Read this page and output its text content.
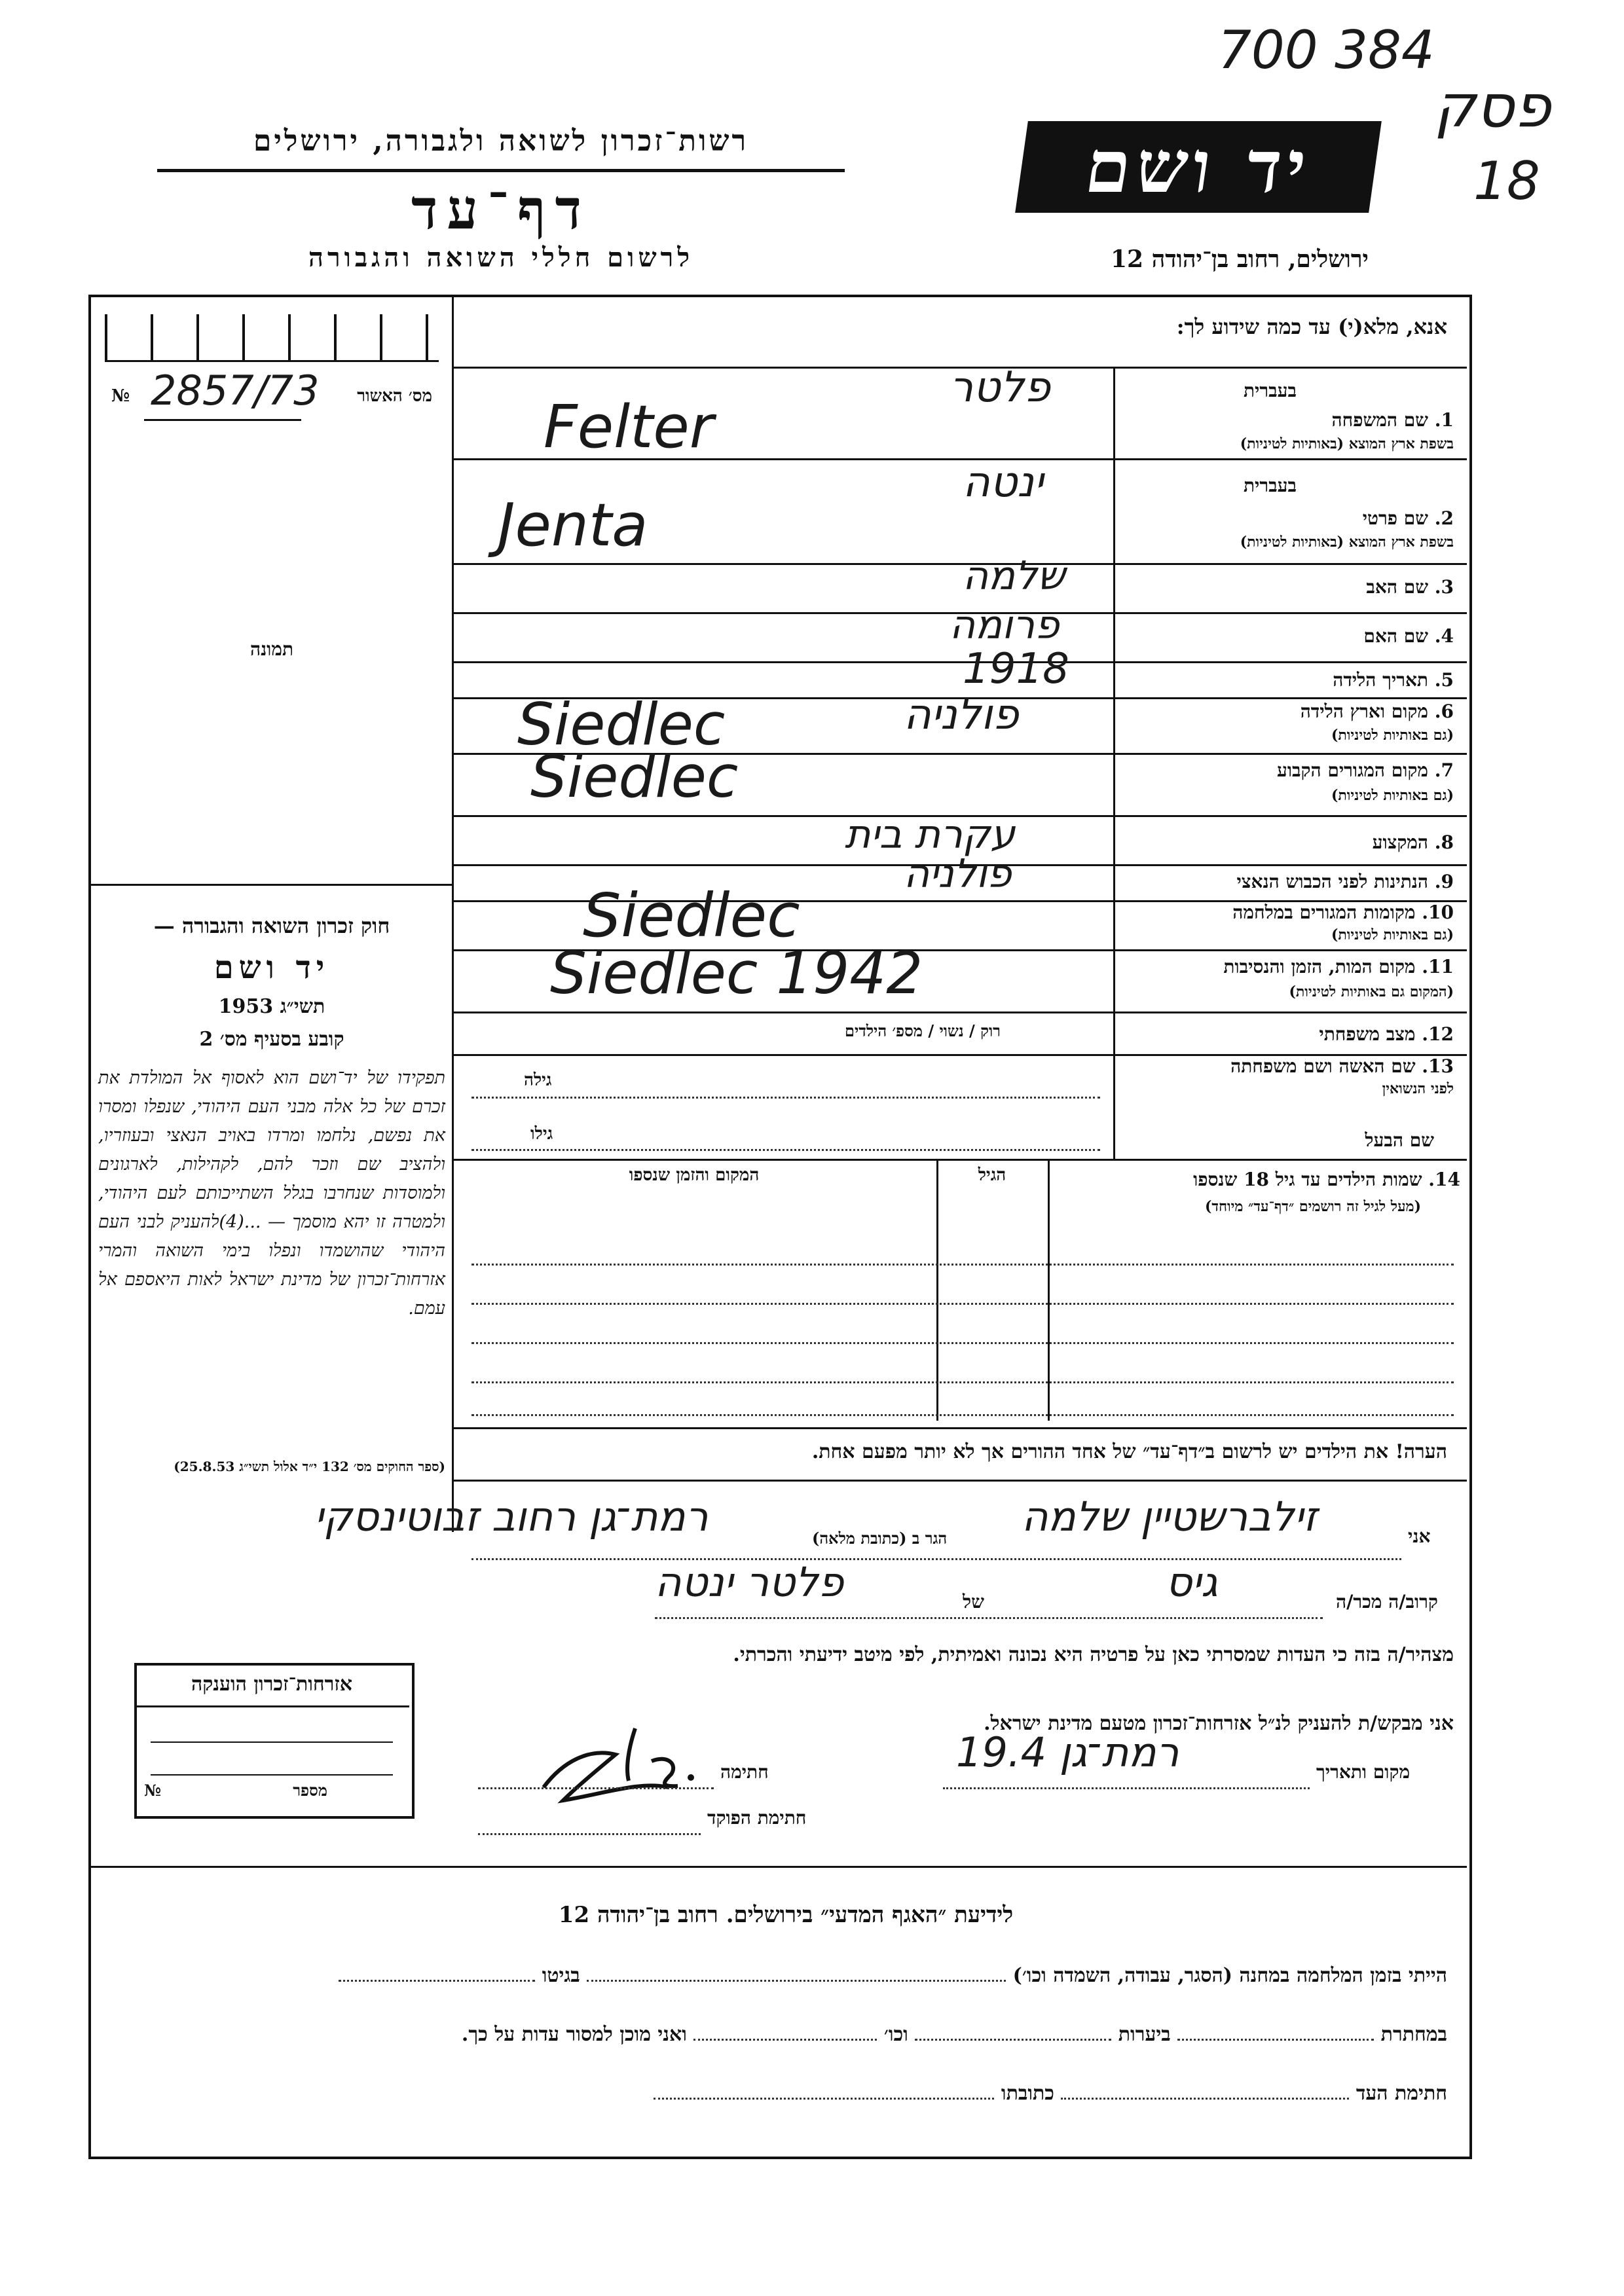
700 384
פסק
18
רשות־זכרון לשואה ולגבורה, ירושלים
דף־עד
לרשום חללי השואה והגבורה
יד ושם
ירושלים, רחוב בן־יהודה 12
אנא, מלא(י) עד כמה שידוע לך:
מס׳ האשור
2857/73
№
תמונה
חוק זכרון השואה והגבורה —
יד ושם
תשי״ג 1953
קובע בסעיף מס׳ 2
תפקידו של יד־ושם הוא לאסוף אל המולדת את זכרם של כל אלה מבני העם היהודי, שנפלו ומסרו את נפשם, נלחמו ומרדו באויב הנאצי ובעוזריו, ולהציב שם וזכר להם, לקהילות, לארגונים ולמוסדות שנחרבו בגלל השתייכותם לעם היהודי, ולמטרה זו יהא מוסמך — ...(4)להעניק לבני העם היהודי שהושמדו ונפלו בימי השואה והמרי אזרחות־זכרון של מדינת ישראל לאות היאספם אל עמם.
(ספר החוקים מס׳ 132 י״ד אלול תשי״ג 25.8.53)
אזרחות־זכרון הוענקה
מספר
№
בעברית
1. שם המשפחה
בשפת ארץ המוצא (באותיות לטיניות)
פלטר
Felter
בעברית
2. שם פרטי
בשפת ארץ המוצא (באותיות לטיניות)
ינטה
Jenta
3. שם האב
שלמה
4. שם האם
פרומה
5. תאריך הלידה
1918
6. מקום וארץ הלידה
(גם באותיות לטיניות)
פולניה
Siedlec
7. מקום המגורים הקבוע
(גם באותיות לטיניות)
Siedlec
8. המקצוע
עקרת בית
9. הנתינות לפני הכבוש הנאצי
פולניה
10. מקומות המגורים במלחמה
(גם באותיות לטיניות)
Siedlec
11. מקום המות, הזמן והנסיבות
(המקום גם באותיות לטיניות)
Siedlec 1942
12. מצב משפחתי
רוק / נשוי / מספ׳ הילדים
13. שם האשה ושם משפחתה
לפני הנשואין
גילה
שם הבעל
גילו
14. שמות הילדים עד גיל 18 שנספו
(מעל לגיל זה רושמים ״דף־עד״ מיוחד)
הגיל
המקום והזמן שנספו
הערה! את הילדים יש לרשום ב״דף־עד״ של אחד ההורים אך לא יותר מפעם אחת.
אני
זילברשטיין שלמה
הגר ב (כתובת מלאה)
רמת־גן רחוב זבוטינסקי
קרוב/ה מכר/ה
גיס
של
פלטר ינטה
מצהיר/ה בזה כי העדות שמסרתי כאן על פרטיה היא נכונה ואמיתית, לפי מיטב ידיעתי והכרתי.
אני מבקש/ת להעניק לנ״ל אזרחות־זכרון מטעם מדינת ישראל.
מקום ותאריך
רמת־גן 19.4
חתימה
חתימת הפוקד
לידיעת ״האגף המדעי״ בירושלים. רחוב בן־יהודה 12
הייתי בזמן המלחמה במחנה (הסגר, עבודה, השמדה וכו׳)  בגיטו
במחתרת  ביערות  וכו׳  ואני מוכן למסור עדות על כך.
חתימת העד  כתובתו
